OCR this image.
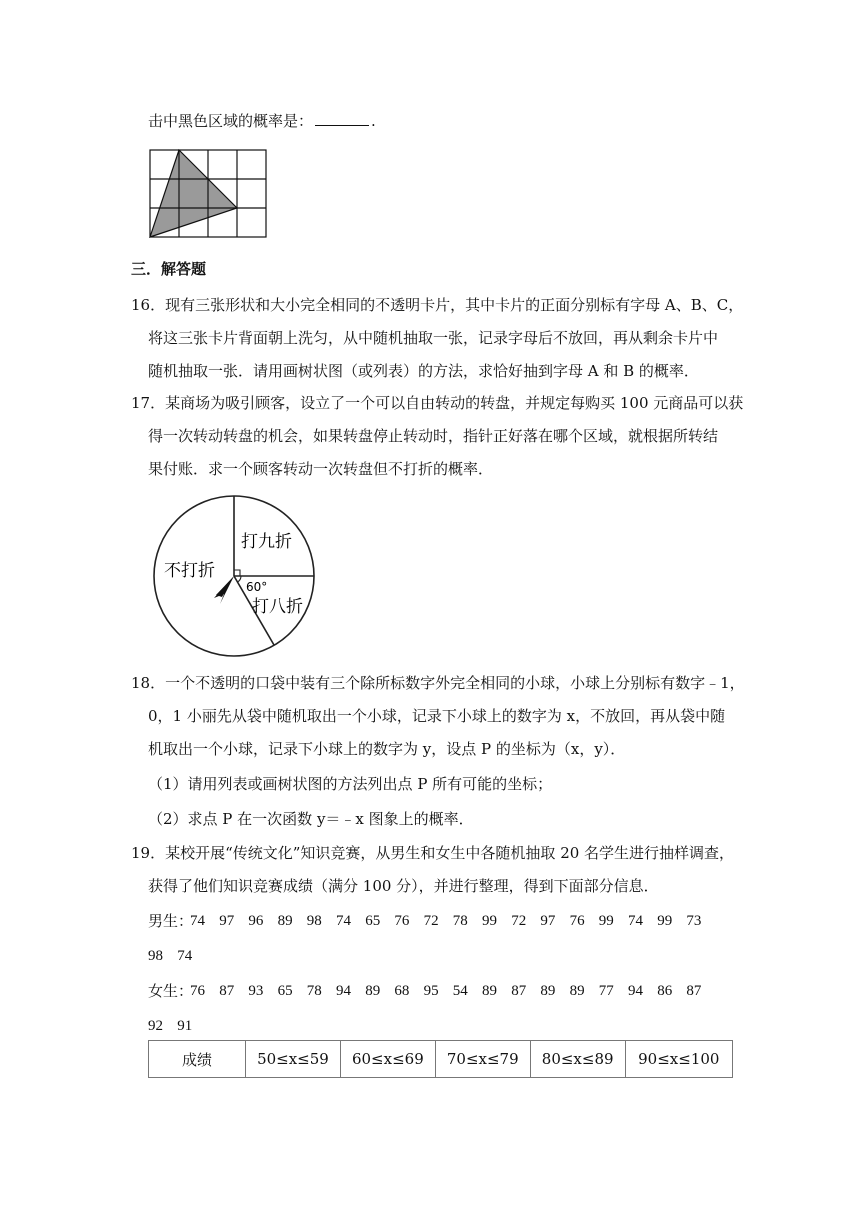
击中黑色区域的概率是：	.
三．解答题
16．现有三张形状和大小完全相同的不透明卡片，其中卡片的正面分别标有字母 A、B、C，
将这三张卡片背面朝上洗匀，从中随机抽取一张，记录字母后不放回，再从剩余卡片中
随机抽取一张．请用画树状图（或列表）的方法，求恰好抽到字母 A 和 B 的概率．
17．某商场为吸引顾客，设立了一个可以自由转动的转盘，并规定每购买 100 元商品可以获
得一次转动转盘的机会，如果转盘停止转动时，指针正好落在哪个区域，就根据所转结
果付账．求一个顾客转动一次转盘但不打折的概率．
不打折
打九折
打八折
60°
18．一个不透明的口袋中装有三个除所标数字外完全相同的小球，小球上分别标有数字﹣1，
0，1 小丽先从袋中随机取出一个小球，记录下小球上的数字为 x，不放回，再从袋中随
机取出一个小球，记录下小球上的数字为 y，设点 P 的坐标为（x，y）．
（1）请用列表或画树状图的方法列出点 P 所有可能的坐标；
（2）求点 P 在一次函数 y＝﹣x 图象上的概率．
19．某校开展“传统文化”知识竞赛，从男生和女生中各随机抽取 20 名学生进行抽样调查，
获得了他们知识竞赛成绩（满分 100 分），并进行整理，得到下面部分信息．
男生：
74 97 96 89 98 74 65 76 72 78 99 72 97 76 99 74 99 73
98 74
女生：
76 87 93 65 78 94 89 68 95 54 89 87 89 89 77 94 86 87
92 91
成绩	50≤x≤59	60≤x≤69	70≤x≤79	80≤x≤89	90≤x≤100
